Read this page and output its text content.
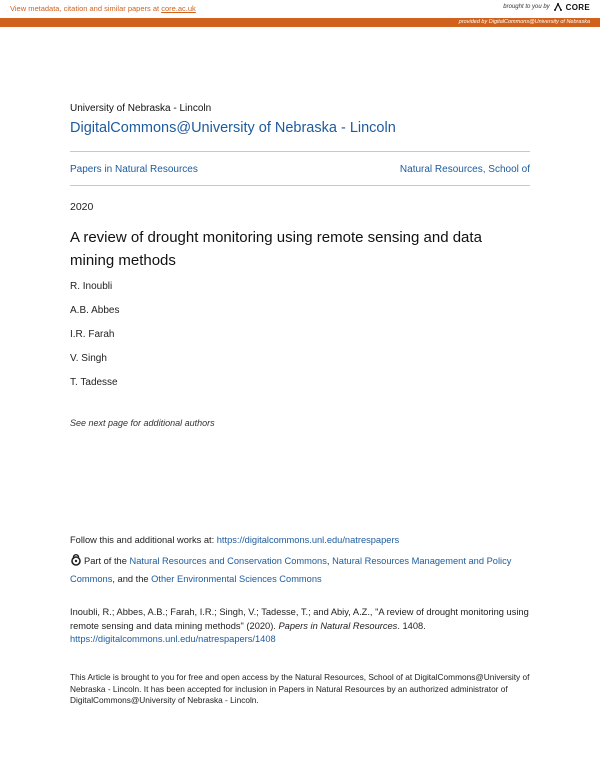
View metadata, citation and similar papers at core.ac.uk	brought to you by CORE
provided by DigitalCommons@University of Nebraska
University of Nebraska - Lincoln
DigitalCommons@University of Nebraska - Lincoln
Papers in Natural Resources	Natural Resources, School of
2020
A review of drought monitoring using remote sensing and data mining methods
R. Inoubli
A.B. Abbes
I.R. Farah
V. Singh
T. Tadesse
See next page for additional authors
Follow this and additional works at: https://digitalcommons.unl.edu/natrespapers
Part of the Natural Resources and Conservation Commons, Natural Resources Management and Policy Commons, and the Other Environmental Sciences Commons
Inoubli, R.; Abbes, A.B.; Farah, I.R.; Singh, V.; Tadesse, T.; and Abiy, A.Z., "A review of drought monitoring using remote sensing and data mining methods" (2020). Papers in Natural Resources. 1408.
https://digitalcommons.unl.edu/natrespapers/1408
This Article is brought to you for free and open access by the Natural Resources, School of at DigitalCommons@University of Nebraska - Lincoln. It has been accepted for inclusion in Papers in Natural Resources by an authorized administrator of DigitalCommons@University of Nebraska - Lincoln.
